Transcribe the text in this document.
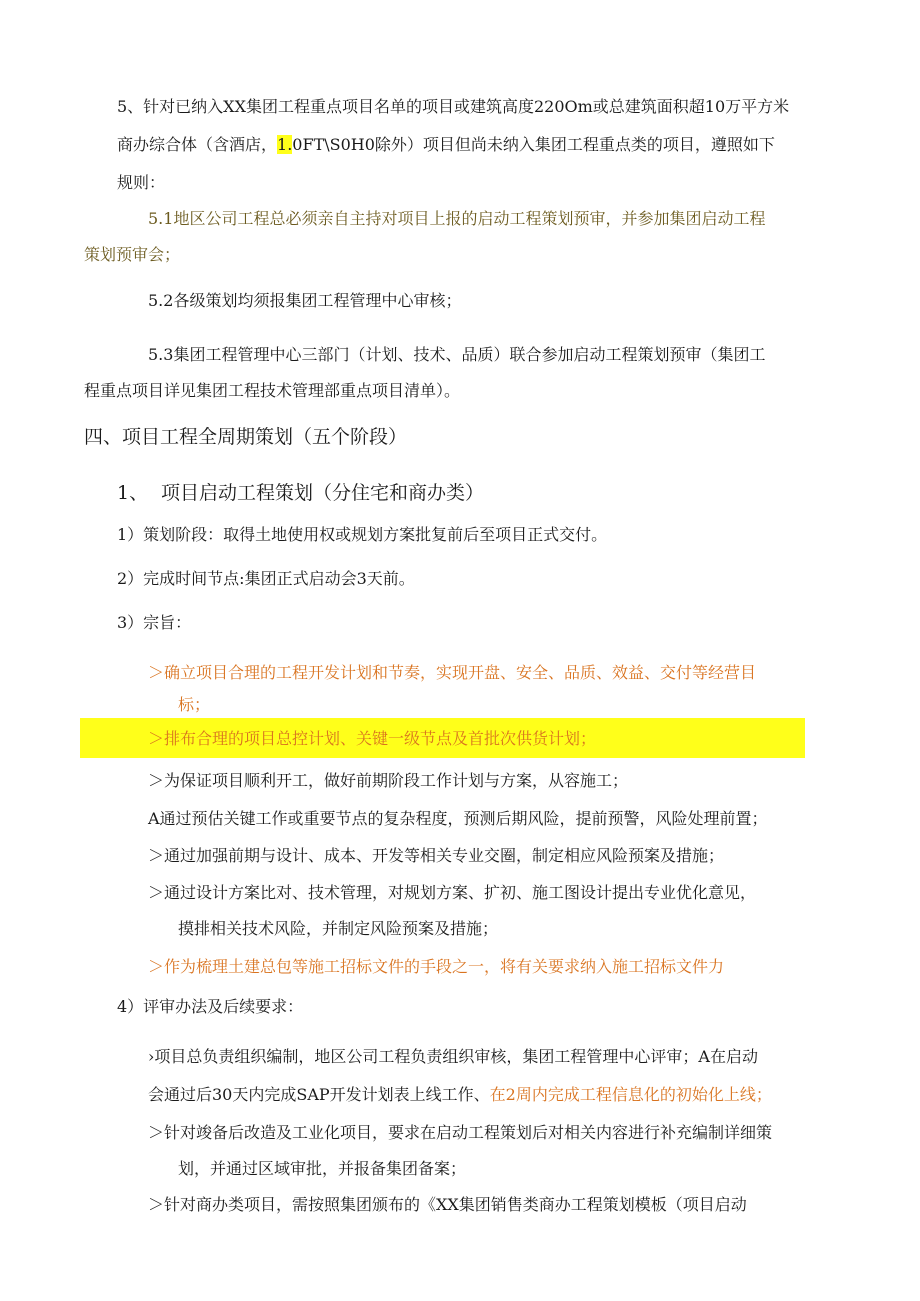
5、针对已纳入XX集团工程重点项目名单的项目或建筑高度220Om或总建筑面积超10万平方米
商办综合体（含酒店，1.0FT\S0H0除外）项目但尚未纳入集团工程重点类的项目，遵照如下
规则：
5.1地区公司工程总必须亲自主持对项目上报的启动工程策划预审，并参加集团启动工程
策划预审会；
5.2各级策划均须报集团工程管理中心审核；
5.3集团工程管理中心三部门（计划、技术、品质）联合参加启动工程策划预审（集团工
程重点项目详见集团工程技术管理部重点项目清单）。
四、项目工程全周期策划（五个阶段）
1、 项目启动工程策划（分住宅和商办类）
1）策划阶段：取得土地使用权或规划方案批复前后至项目正式交付。
2）完成时间节点:集团正式启动会3天前。
3）宗旨：
＞确立项目合理的工程开发计划和节奏，实现开盘、安全、品质、效益、交付等经营目
标；
＞排布合理的项目总控计划、关键一级节点及首批次供货计划；
＞为保证项目顺利开工，做好前期阶段工作计划与方案，从容施工；
A通过预估关键工作或重要节点的复杂程度，预测后期风险，提前预警，风险处理前置；
＞通过加强前期与设计、成本、开发等相关专业交圈，制定相应风险预案及措施；
＞通过设计方案比对、技术管理，对规划方案、扩初、施工图设计提出专业优化意见，
摸排相关技术风险，并制定风险预案及措施；
＞作为梳理土建总包等施工招标文件的手段之一，将有关要求纳入施工招标文件力
4）评审办法及后续要求：
›项目总负责组织编制，地区公司工程负责组织审核，集团工程管理中心评审；A在启动
会通过后30天内完成SAP开发计划表上线工作、在2周内完成工程信息化的初始化上线；
＞针对竣备后改造及工业化项目，要求在启动工程策划后对相关内容进行补充编制详细策
划，并通过区域审批，并报备集团备案；
＞针对商办类项目，需按照集团颁布的《XX集团销售类商办工程策划模板（项目启动
